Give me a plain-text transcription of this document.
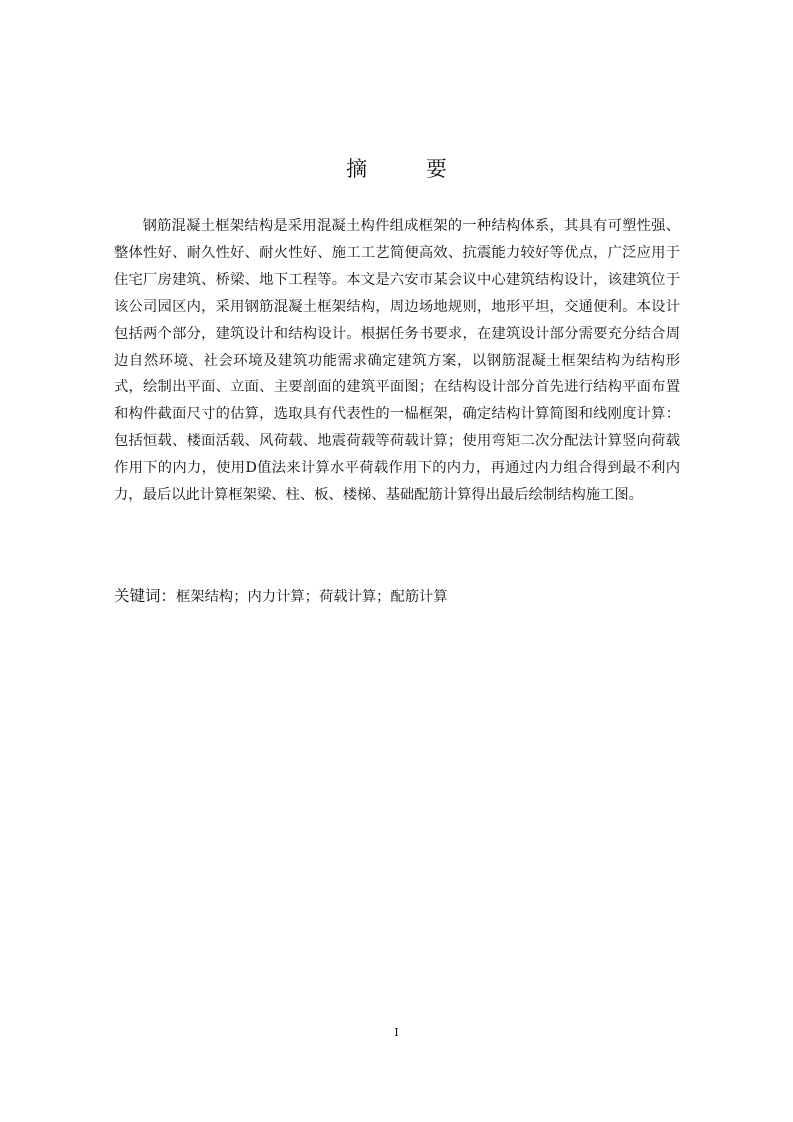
摘　要

钢筋混凝土框架结构是采用混凝土构件组成框架的一种结构体系，其具有可塑性强、整体性好、耐久性好、耐火性好、施工工艺简便高效、抗震能力较好等优点，广泛应用于住宅厂房建筑、桥梁、地下工程等。本文是六安市某会议中心建筑结构设计，该建筑位于该公司园区内，采用钢筋混凝土框架结构，周边场地规则，地形平坦，交通便利。本设计包括两个部分，建筑设计和结构设计。根据任务书要求，在建筑设计部分需要充分结合周边自然环境、社会环境及建筑功能需求确定建筑方案，以钢筋混凝土框架结构为结构形式，绘制出平面、立面、主要剖面的建筑平面图；在结构设计部分首先进行结构平面布置和构件截面尺寸的估算，选取具有代表性的一榀框架，确定结构计算简图和线刚度计算：包括恒载、楼面活载、风荷载、地震荷载等荷载计算；使用弯矩二次分配法计算竖向荷载作用下的内力，使用D值法来计算水平荷载作用下的内力，再通过内力组合得到最不利内力，最后以此计算框架梁、柱、板、楼梯、基础配筋计算得出最后绘制结构施工图。

关键词：框架结构；内力计算；荷载计算；配筋计算
I
